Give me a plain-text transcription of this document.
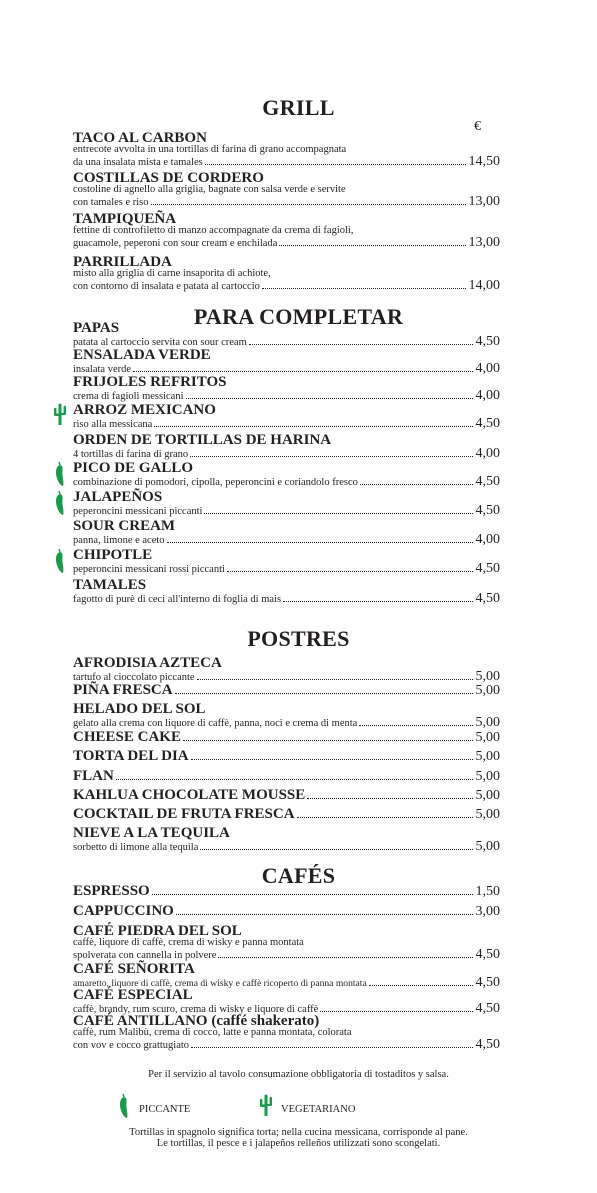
GRILL
€
TACO AL CARBON
entrecote avvolta in una tortillas di farina di grano accompagnata
da una insalata mista e tamales	14,50
COSTILLAS DE CORDERO
costoline di agnello alla griglia, bagnate con salsa verde e servite
con tamales e riso	13,00
TAMPIQUEÑA
fettine di controfiletto di manzo accompagnate da crema di fagioli,
guacamole, peperoni con sour cream e enchilada	13,00
PARRILLADA
misto alla griglia di carne insaporita di achiote,
con contorno di insalata e patata al cartoccio	14,00
PARA COMPLETAR
PAPAS
patata al cartoccio servita con sour cream	4,50
ENSALADA VERDE
insalata verde	4,00
FRIJOLES REFRITOS
crema di fagioli messicani	4,00
ARROZ MEXICANO
riso alla messicana	4,50
ORDEN DE TORTILLAS DE HARINA
4 tortillas di farina di grano	4,00
PICO DE GALLO
combinazione di pomodori, cipolla, peperoncini e coriandolo fresco	4,50
JALAPEÑOS
peperoncini messicani piccanti	4,50
SOUR CREAM
panna, limone e aceto	4,00
CHIPOTLE
peperoncini messicani rossi piccanti	4,50
TAMALES
fagotto di purè di ceci all'interno di foglia di mais	4,50
POSTRES
AFRODISIA AZTECA
tartufo al cioccolato piccante	5,00
PIÑA FRESCA	5,00
HELADO DEL SOL
gelato alla crema con liquore di caffè, panna, noci e crema di menta	5,00
CHEESE CAKE	5,00
TORTA DEL DIA	5,00
FLAN	5,00
KAHLUA CHOCOLATE MOUSSE	5,00
COCKTAIL DE FRUTA FRESCA	5,00
NIEVE A LA TEQUILA
sorbetto di limone alla tequila	5,00
CAFÉS
ESPRESSO	1,50
CAPPUCCINO	3,00
CAFÉ PIEDRA DEL SOL
caffè, liquore di caffè, crema di wisky e panna montata
spolverata con cannella in polvere	4,50
CAFÉ SEÑORITA
amaretto, liquore di caffè, crema di wisky e caffè ricoperto di panna montata	4,50
CAFÉ ESPECIAL
caffè, brandy, rum scuro, crema di wisky e liquore di caffè	4,50
CAFÉ ANTILLANO (caffé shakerato)
caffè, rum Malibù, crema di cocco, latte e panna montata, colorata
con vov e cocco grattugiato	4,50
Per il servizio al tavolo consumazione obbligatoria di tostaditos y salsa.
PICCANTE	VEGETARIANO
Tortillas in spagnolo significa torta; nella cucina messicana, corrisponde al pane.
Le tortillas, il pesce e i jalapeños relleños utilizzati sono scongelati.
